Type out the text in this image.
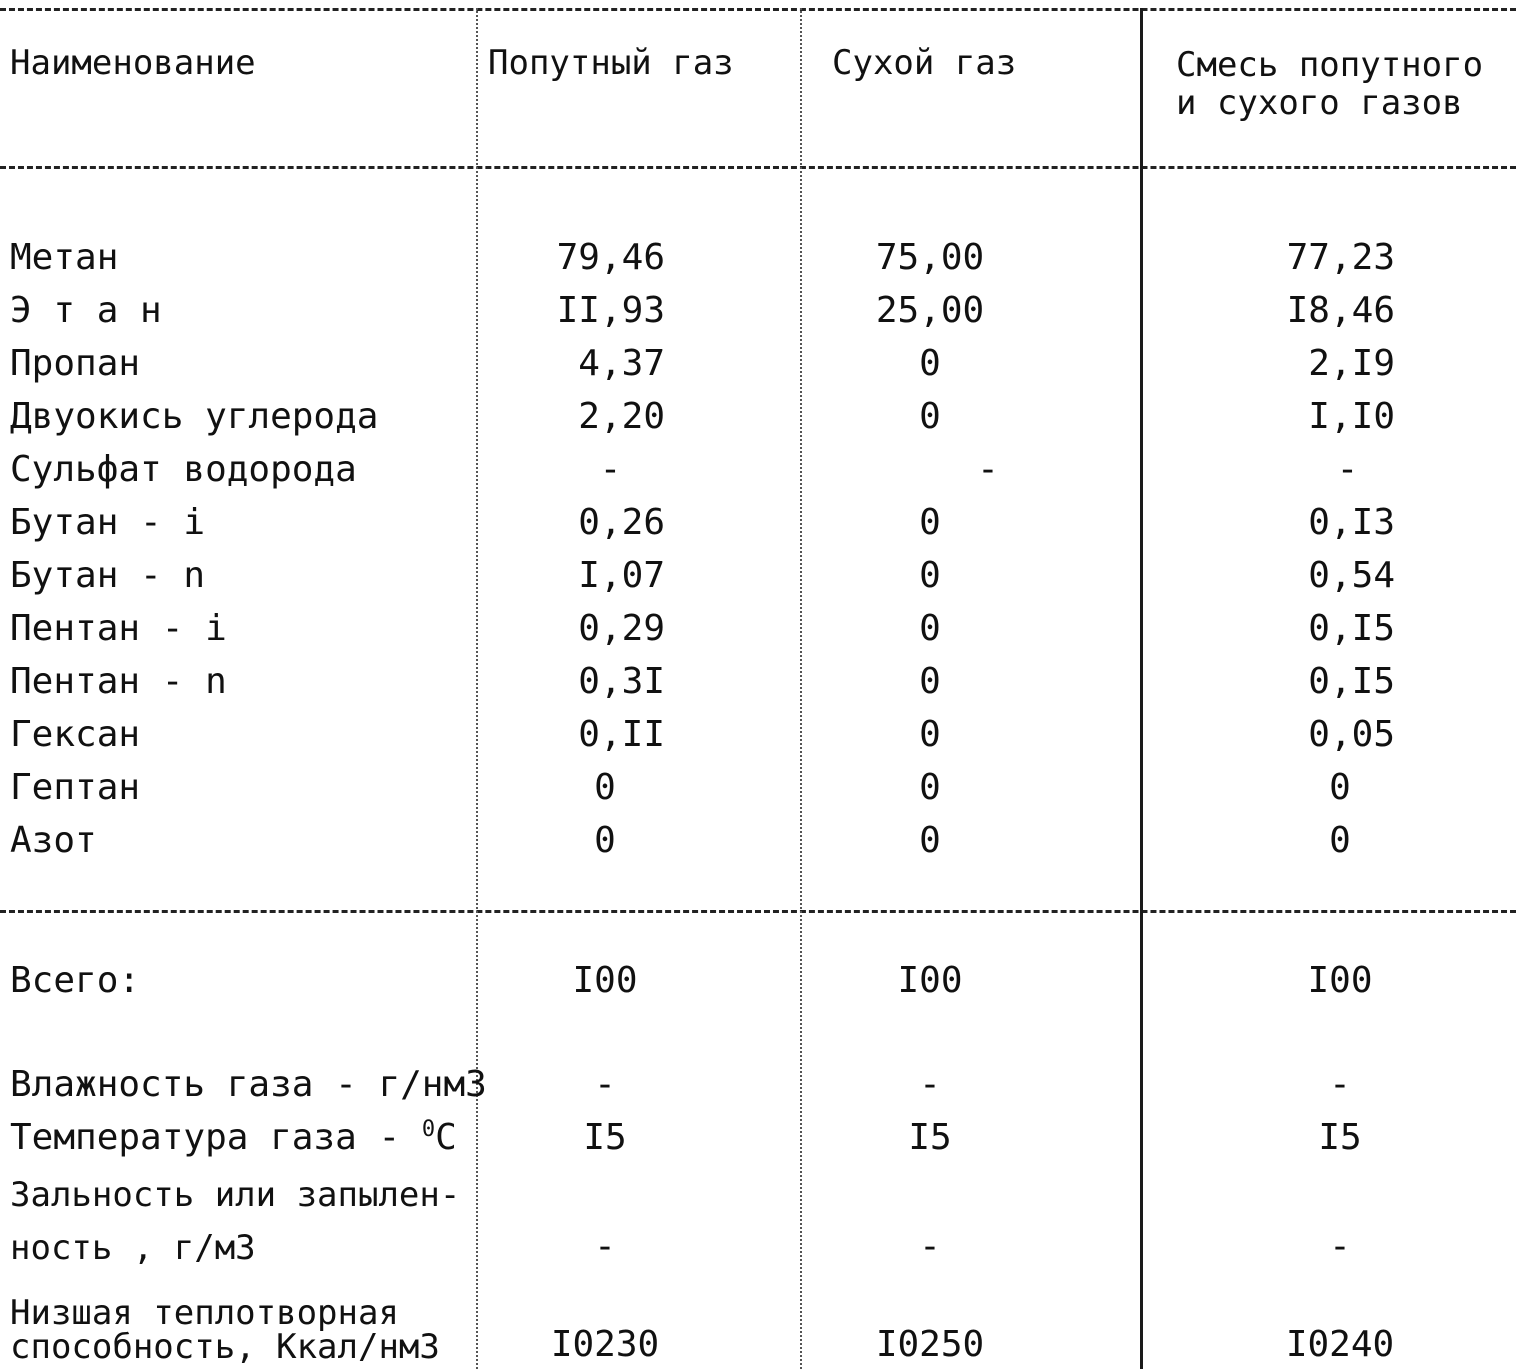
Наименование	Попутный газ	Сухой газ	Смесь попутного
и сухого газов
Метан	79,46	75,00	77,23
Э т а н	II,93	25,00	I8,46
Пропан	4,37	0	2,I9
Двуокись углерода	2,20	0	I,I0
Сульфат водорода	-	-	-
Бутан - i	0,26	0	0,I3
Бутан - n	I,07	0	0,54
Пентан - i	0,29	0	0,I5
Пентан - n	0,3I	0	0,I5
Гексан	0,II	0	0,05
Гептан	0	0	0
Азот	0	0	0
Всего:	I00	I00	I00
Влажность газа - г/нм3	-	-	-
Температура газа - $^0$С	I5	I5	I5
Зальность или запылен-
ность , г/м3	-	-	-
Низшая теплотворная
способность, Ккал/нм3	I0230	I0250	I0240
